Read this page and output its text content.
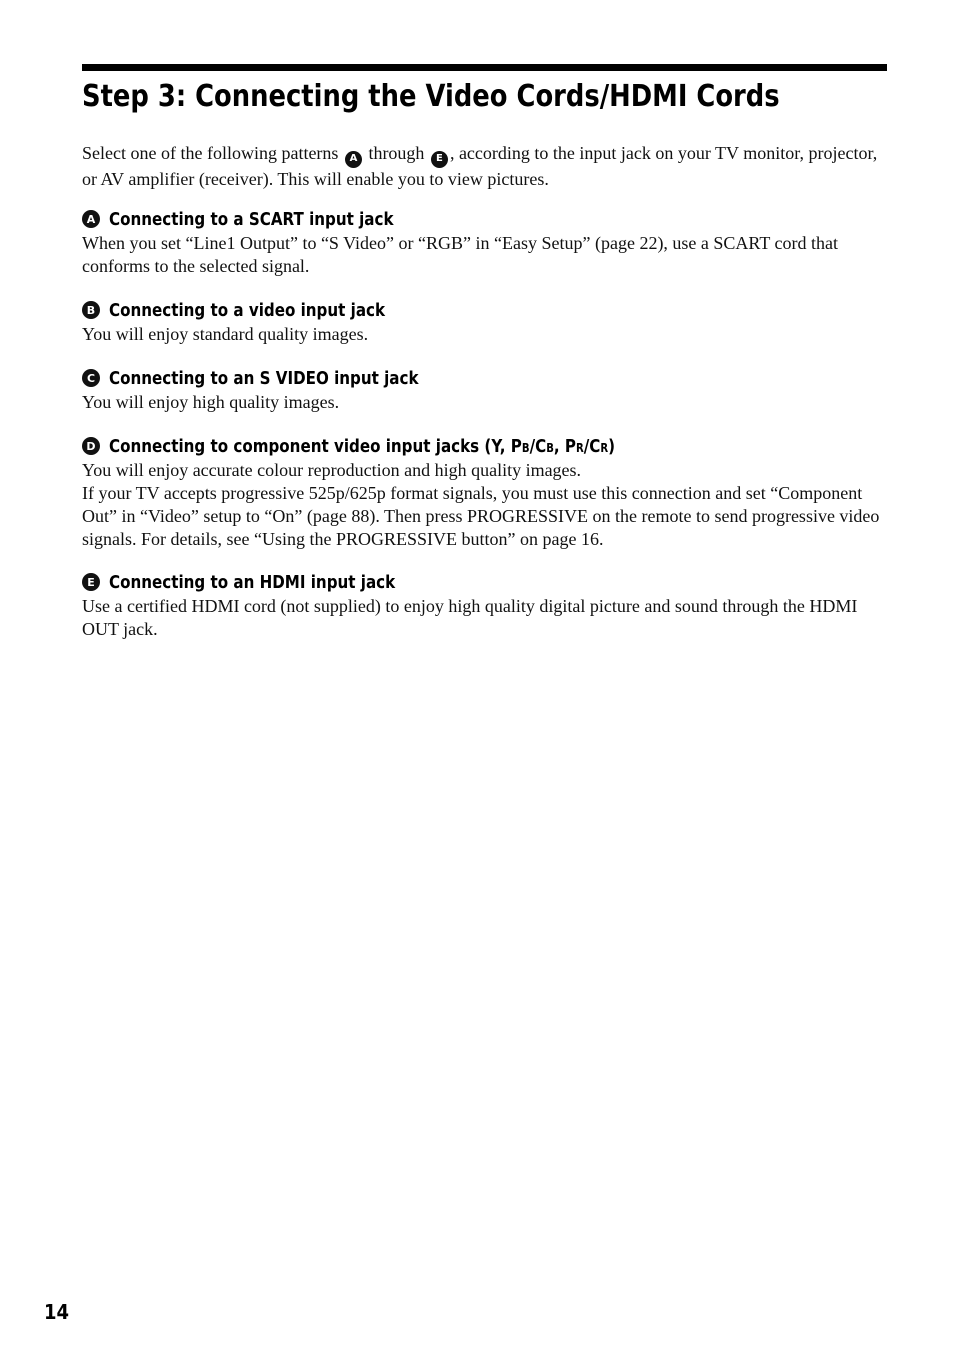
Step 3: Connecting the Video Cords/HDMI Cords

Select one of the following patterns A through E , according to the input jack on your TV monitor, projector, or AV amplifier (receiver). This will enable you to view pictures.

A Connecting to a SCART input jack

When you set “Line1 Output” to “S Video” or “RGB” in “Easy Setup” (page 22), use a SCART cord that conforms to the selected signal.

B Connecting to a video input jack

You will enjoy standard quality images.

C Connecting to an S VIDEO input jack

You will enjoy high quality images.

D Connecting to component video input jacks (Y, PB/CB, PR/CR)

You will enjoy accurate colour reproduction and high quality images.

If your TV accepts progressive 525p/625p format signals, you must use this connection and set “Component Out” in “Video” setup to “On” (page 88). Then press PROGRESSIVE on the remote to send progressive video signals. For details, see “Using the PROGRESSIVE button” on page 16.

E Connecting to an HDMI input jack

Use a certified HDMI cord (not supplied) to enjoy high quality digital picture and sound through the HDMI OUT jack.

14
